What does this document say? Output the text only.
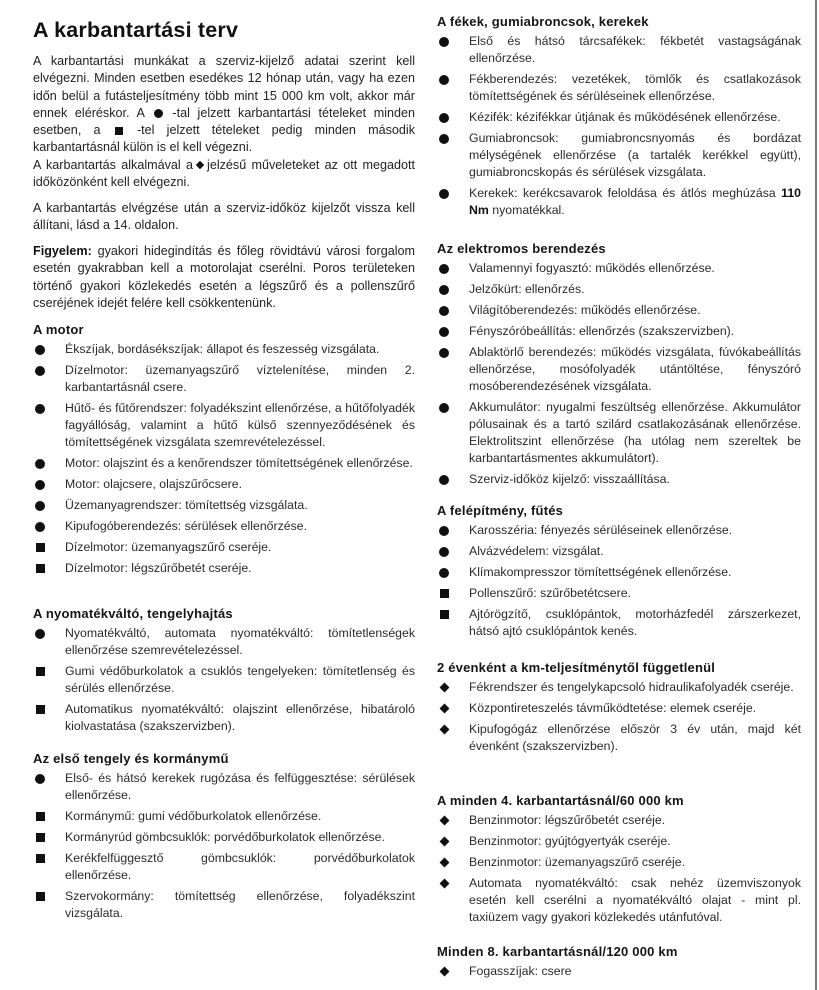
A karbantartási terv

A karbantartási munkákat a szerviz-kijelző adatai szerint kell elvégezni. Minden esetben esedékes 12 hónap után, vagy ha ezen időn belül a futásteljesítmény több mint 15 000 km volt, akkor már ennek eléréskor. A -tal jelzett karbantartási tételeket minden esetben, a	-tel jelzett tételeket pedig minden második karbantartásnál külön is el kell végezni.

A karbantartás alkalmával a jelzésű műveleteket az ott megadott időközönként kell elvégezni.

A karbantartás elvégzése után a szerviz-időköz kijelzőt vissza kell állítani, lásd a 14. oldalon.

Figyelem: gyakori hidegindítás és főleg rövidtávú városi forgalom esetén gyakrabban kell a motorolajat cserélni. Poros területeken történő gyakori közlekedés esetén a légszűrő és a pollenszűrő cseréjének idejét felére kell csökkentenünk.

A motor
Ékszíjak, bordásékszíjak: állapot és feszesség vizsgálata.
Dízelmotor: üzemanyagszűrő víztelenítése, minden 2. karbantartásnál csere.
Hűtő- és fűtőrendszer: folyadékszint ellenőrzése, a hűtőfolyadék fagyállóság, valamint a hűtő külső szennyeződésének és tömítettségének vizsgálata szemrevételezéssel.
Motor: olajszint és a kenőrendszer tömítettségének ellenőrzése.
Motor: olajcsere, olajszűrőcsere.
Üzemanyagrendszer: tömítettség vizsgálata.
Kipufogóberendezés: sérülések ellenőrzése.
Dízelmotor: üzemanyagszűrő cseréje.
Dízelmotor: légszűrőbetét cseréje.
A nyomatékváltó, tengelyhajtás
Nyomatékváltó, automata nyomatékváltó: tömítetlenségek ellenőrzése szemrevételezéssel.
Gumi védőburkolatok a csuklós tengelyeken: tömítetlenség és sérülés ellenőrzése.
Automatikus nyomatékváltó: olajszint ellenőrzése, hibatároló kiolvastatása (szakszervizben).
Az első tengely és kormánymű
Első- és hátsó kerekek rugózása és felfüggesztése: sérülések ellenőrzése.
Kormánymű: gumi védőburkolatok ellenőrzése.
Kormányrúd gömbcsuklók: porvédőburkolatok ellenőrzése.
Kerékfelfüggesztő gömbcsuklók: porvédőburkolatok ellenőrzése.
Szervokormány: tömítettség ellenőrzése, folyadékszint vizsgálata.
A fékek, gumiabroncsok, kerekek
Első és hátsó tárcsafékek: fékbetét vastagságának ellenőrzése.
Fékberendezés: vezetékek, tömlők és csatlakozások tömítettségének és sérüléseinek ellenőrzése.
Kézifék: kézifékkar útjának és működésének ellenőrzése.
Gumiabroncsok: gumiabroncsnyomás és bordázat mélységének ellenőrzése (a tartalék kerékkel együtt), gumiabroncskopás és sérülések vizsgálata.
Kerekek: kerékcsavarok feloldása és átlós meghúzása 110 Nm nyomatékkal.
Az elektromos berendezés
Valamennyi fogyasztó: működés ellenőrzése.
Jelzőkürt: ellenőrzés.
Világítóberendezés: működés ellenőrzése.
Fényszóróbeállítás: ellenőrzés (szakszervizben).
Ablaktörlő berendezés: működés vizsgálata, fúvókabeállítás ellenőrzése, mosófolyadék utántöltése, fényszóró mosóberendezésének vizsgálata.
Akkumulátor: nyugalmi feszültség ellenőrzése. Akkumulátor pólusainak és a tartó szilárd csatlakozásának ellenőrzése. Elektrolitszint ellenőrzése (ha utólag nem szereltek be karbantartásmentes akkumulátort).
Szerviz-időköz kijelző: visszaállítása.
A felépítmény, fűtés
Karosszéria: fényezés sérüléseinek ellenőrzése.
Alvázvédelem: vizsgálat.
Klímakompresszor tömítettségének ellenőrzése.
Pollenszűrő: szűrőbetétcsere.
Ajtórögzítő, csuklópántok, motorházfedél zárszerkezet, hátsó ajtó csuklópántok kenés.
2 évenként a km-teljesítménytől függetlenül
Fékrendszer és tengelykapcsoló hidraulikafolyadék cseréje.
Központireteszelés távműködtetése: elemek cseréje.
Kipufogógáz ellenőrzése először 3 év után, majd két évenként (szakszervizben).
A minden 4. karbantartásnál/60 000 km
Benzinmotor: légszűrőbetét cseréje.
Benzinmotor: gyújtógyertyák cseréje.
Benzinmotor: üzemanyagszűrő cseréje.
Automata nyomatékváltó: csak nehéz üzemviszonyok esetén kell cserélni a nyomatékváltó olajat - mint pl. taxiüzem vagy gyakori közlekedés utánfutóval.
Minden 8. karbantartásnál/120 000 km
Fogasszíjak: csere
